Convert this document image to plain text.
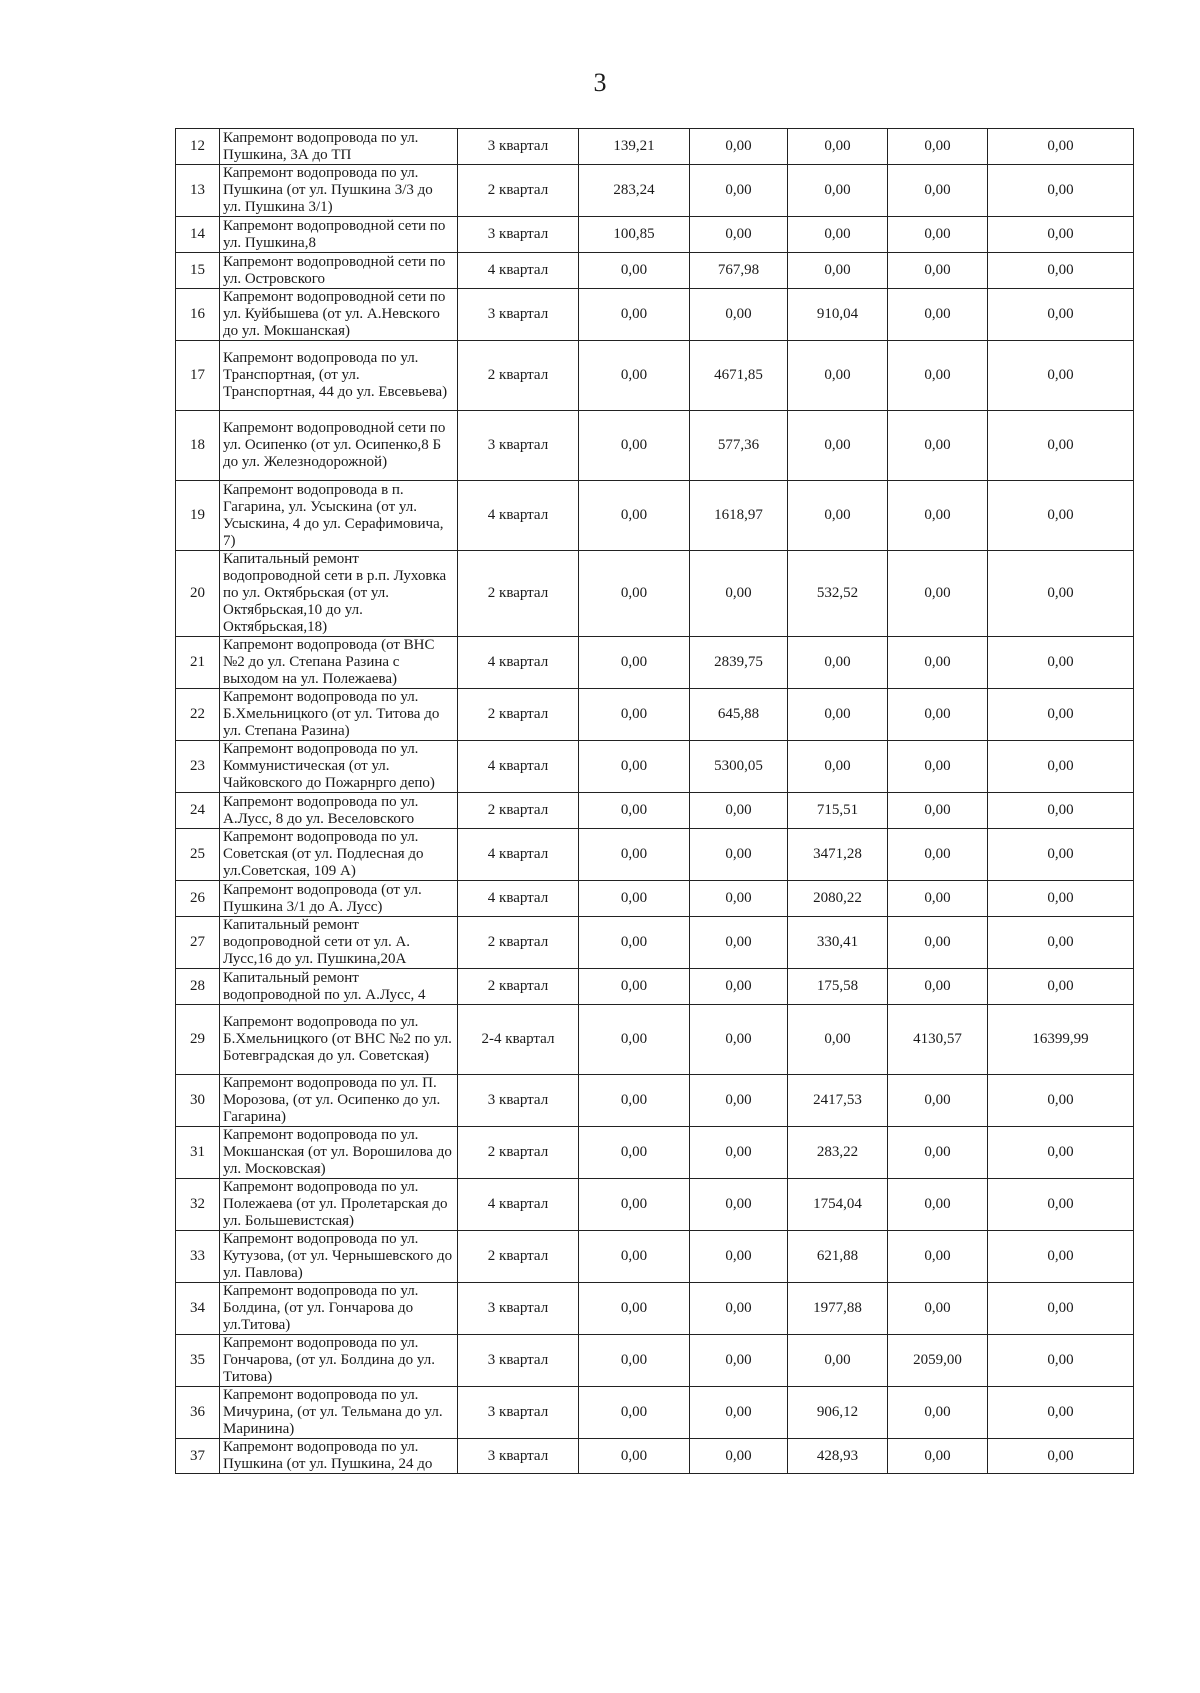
3
12	Капремонт водопровода по ул. Пушкина, 3А до ТП	3 квартал	139,21	0,00	0,00	0,00	0,00
13	Капремонт водопровода по ул. Пушкина (от ул. Пушкина 3/3 до ул. Пушкина 3/1)	2 квартал	283,24	0,00	0,00	0,00	0,00
14	Капремонт водопроводной сети по ул. Пушкина,8	3 квартал	100,85	0,00	0,00	0,00	0,00
15	Капремонт водопроводной сети по ул. Островского	4 квартал	0,00	767,98	0,00	0,00	0,00
16	Капремонт водопроводной сети по ул. Куйбышева (от ул. А.Невского до ул. Мокшанская)	3 квартал	0,00	0,00	910,04	0,00	0,00
17	Капремонт водопровода по ул. Транспортная, (от ул. Транспортная, 44 до ул. Евсевьева)	2 квартал	0,00	4671,85	0,00	0,00	0,00
18	Капремонт водопроводной сети по ул. Осипенко (от ул. Осипенко,8 Б до ул. Железнодорожной)	3 квартал	0,00	577,36	0,00	0,00	0,00
19	Капремонт водопровода в п. Гагарина, ул. Усыскина (от ул. Усыскина, 4 до ул. Серафимовича, 7)	4 квартал	0,00	1618,97	0,00	0,00	0,00
20	Капитальный ремонт водопроводной сети в р.п. Луховка по ул. Октябрьская (от ул. Октябрьская,10 до ул. Октябрьская,18)	2 квартал	0,00	0,00	532,52	0,00	0,00
21	Капремонт водопровода (от ВНС №2 до ул. Степана Разина с выходом на ул. Полежаева)	4 квартал	0,00	2839,75	0,00	0,00	0,00
22	Капремонт водопровода по ул. Б.Хмельницкого (от ул. Титова до ул. Степана Разина)	2 квартал	0,00	645,88	0,00	0,00	0,00
23	Капремонт водопровода по ул. Коммунистическая (от ул. Чайковского до Пожарнрго депо)	4 квартал	0,00	5300,05	0,00	0,00	0,00
24	Капремонт водопровода по ул. А.Лусс, 8 до ул. Веселовского	2 квартал	0,00	0,00	715,51	0,00	0,00
25	Капремонт водопровода по ул. Советская (от ул. Подлесная до ул.Советская, 109 А)	4 квартал	0,00	0,00	3471,28	0,00	0,00
26	Капремонт водопровода (от ул. Пушкина 3/1 до А. Лусс)	4 квартал	0,00	0,00	2080,22	0,00	0,00
27	Капитальный ремонт водопроводной сети от ул. А. Лусс,16 до ул. Пушкина,20А	2 квартал	0,00	0,00	330,41	0,00	0,00
28	Капитальный ремонт водопроводной по ул. А.Лусс, 4	2 квартал	0,00	0,00	175,58	0,00	0,00
29	Капремонт водопровода по ул. Б.Хмельницкого (от ВНС №2 по ул. Ботевградская до ул. Советская)	2-4 квартал	0,00	0,00	0,00	4130,57	16399,99
30	Капремонт водопровода по ул. П. Морозова, (от ул. Осипенко до ул. Гагарина)	3 квартал	0,00	0,00	2417,53	0,00	0,00
31	Капремонт водопровода по ул. Мокшанская (от ул. Ворошилова до ул. Московская)	2 квартал	0,00	0,00	283,22	0,00	0,00
32	Капремонт водопровода по ул. Полежаева (от ул. Пролетарская до ул. Большевистская)	4 квартал	0,00	0,00	1754,04	0,00	0,00
33	Капремонт водопровода по ул. Кутузова, (от ул. Чернышевского до ул. Павлова)	2 квартал	0,00	0,00	621,88	0,00	0,00
34	Капремонт водопровода по ул. Болдина, (от ул. Гончарова до ул.Титова)	3 квартал	0,00	0,00	1977,88	0,00	0,00
35	Капремонт водопровода по ул. Гончарова, (от ул. Болдина до ул. Титова)	3 квартал	0,00	0,00	0,00	2059,00	0,00
36	Капремонт водопровода по ул. Мичурина, (от ул. Тельмана до ул. Маринина)	3 квартал	0,00	0,00	906,12	0,00	0,00
37	Капремонт водопровода по ул. Пушкина (от ул. Пушкина, 24 до	3 квартал	0,00	0,00	428,93	0,00	0,00
